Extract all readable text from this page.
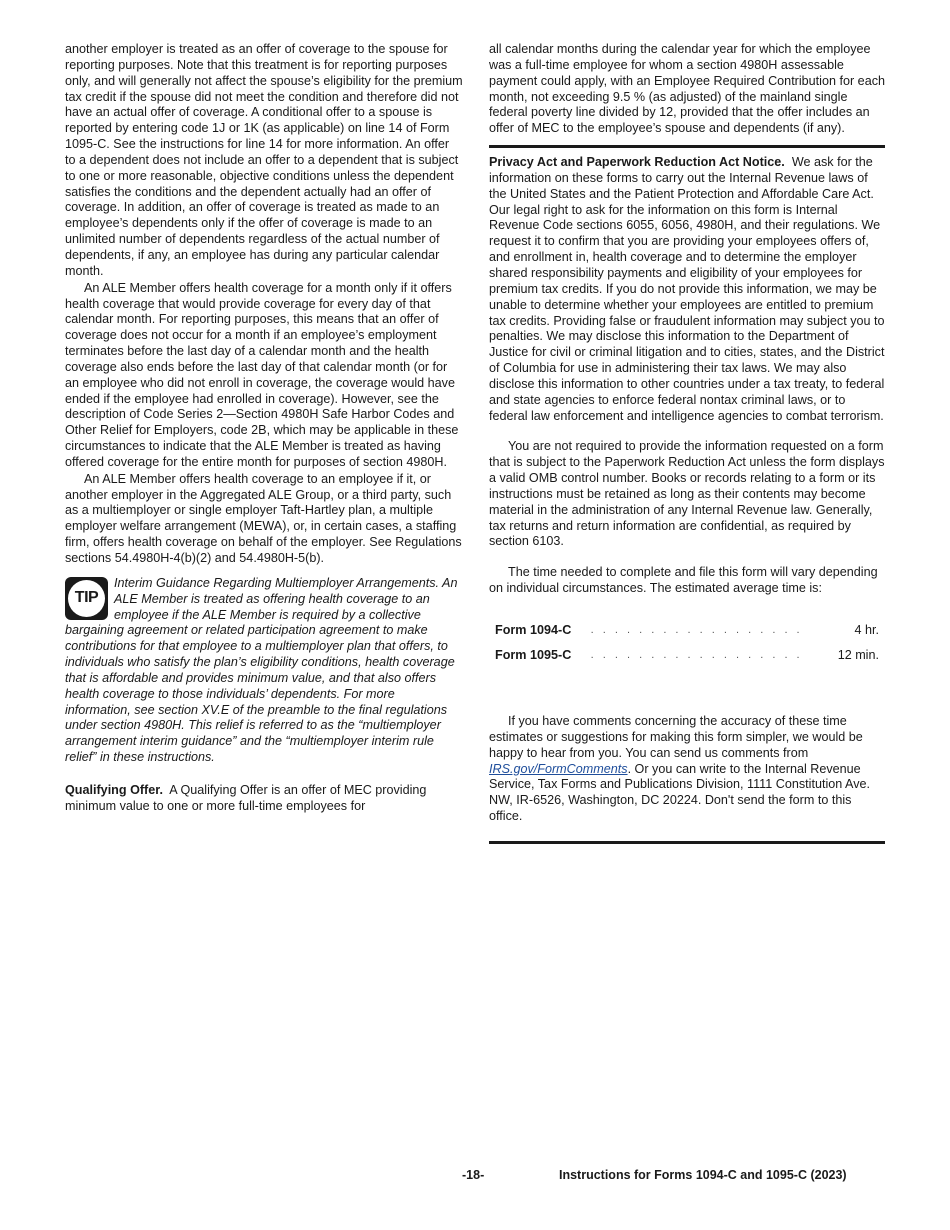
another employer is treated as an offer of coverage to the spouse for reporting purposes. Note that this treatment is for reporting purposes only, and will generally not affect the spouse’s eligibility for the premium tax credit if the spouse did not meet the condition and therefore did not have an actual offer of coverage. A conditional offer to a spouse is reported by entering code 1J or 1K (as applicable) on line 14 of Form 1095-C. See the instructions for line 14 for more information. An offer to a dependent does not include an offer to a dependent that is subject to one or more reasonable, objective conditions unless the dependent satisfies the conditions and the dependent actually had an offer of coverage. In addition, an offer of coverage is treated as made to an employee’s dependents only if the offer of coverage is made to an unlimited number of dependents regardless of the actual number of dependents, if any, an employee has during any particular calendar month.

An ALE Member offers health coverage for a month only if it offers health coverage that would provide coverage for every day of that calendar month. For reporting purposes, this means that an offer of coverage does not occur for a month if an employee’s employment terminates before the last day of a calendar month and the health coverage also ends before the last day of that calendar month (or for an employee who did not enroll in coverage, the coverage would have ended if the employee had enrolled in coverage). However, see the description of Code Series 2—Section 4980H Safe Harbor Codes and Other Relief for Employers, code 2B, which may be applicable in these circumstances to indicate that the ALE Member is treated as having offered coverage for the entire month for purposes of section 4980H.

An ALE Member offers health coverage to an employee if it, or another employer in the Aggregated ALE Group, or a third party, such as a multiemployer or single employer Taft-Hartley plan, a multiple employer welfare arrangement (MEWA), or, in certain cases, a staffing firm, offers health coverage on behalf of the employer. See Regulations sections 54.4980H-4(b)(2) and 54.4980H-5(b).

TIP

Interim Guidance Regarding Multiemployer Arrangements. An ALE Member is treated as offering health coverage to an employee if the ALE Member is required by a collective bargaining agreement or related participation agreement to make contributions for that employee to a multiemployer plan that offers, to individuals who satisfy the plan’s eligibility conditions, health coverage that is affordable and provides minimum value, and that also offers health coverage to those individuals’ dependents. For more information, see section XV.E of the preamble to the final regulations under section 4980H. This relief is referred to as the “multiemployer arrangement interim guidance” and the “multiemployer interim rule relief” in these instructions.

Qualifying Offer. A Qualifying Offer is an offer of MEC providing minimum value to one or more full-time employees for

all calendar months during the calendar year for which the employee was a full-time employee for whom a section 4980H assessable payment could apply, with an Employee Required Contribution for each month, not exceeding 9.5 % (as adjusted) of the mainland single federal poverty line divided by 12, provided that the offer includes an offer of MEC to the employee’s spouse and dependents (if any).

Privacy Act and Paperwork Reduction Act Notice. We ask for the information on these forms to carry out the Internal Revenue laws of the United States and the Patient Protection and Affordable Care Act. Our legal right to ask for the information on this form is Internal Revenue Code sections 6055, 6056, 4980H, and their regulations. We request it to confirm that you are providing your employees offers of, and enrollment in, health coverage and to determine the employer shared responsibility payments and eligibility of your employees for premium tax credits. If you do not provide this information, we may be unable to determine whether your employees are entitled to premium tax credits. Providing false or fraudulent information may subject you to penalties. We may disclose this information to the Department of Justice for civil or criminal litigation and to cities, states, and the District of Columbia for use in administering their tax laws. We may also disclose this information to other countries under a tax treaty, to federal and state agencies to enforce federal nontax criminal laws, or to federal law enforcement and intelligence agencies to combat terrorism.

You are not required to provide the information requested on a form that is subject to the Paperwork Reduction Act unless the form displays a valid OMB control number. Books or records relating to a form or its instructions must be retained as long as their contents may become material in the administration of any Internal Revenue law. Generally, tax returns and return information are confidential, as required by section 6103.

The time needed to complete and file this form will vary depending on individual circumstances. The estimated average time is:

Form 1094-C	. . . . . . . . . . . . . . . . . .	4 hr.
Form 1095-C	. . . . . . . . . . . . . . . . . .	12 min.

If you have comments concerning the accuracy of these time estimates or suggestions for making this form simpler, we would be happy to hear from you. You can send us comments from IRS.gov/FormComments. Or you can write to the Internal Revenue Service, Tax Forms and Publications Division, 1111 Constitution Ave. NW, IR-6526, Washington, DC 20224. Don't send the form to this office.

-18-	Instructions for Forms 1094-C and 1095-C (2023)
